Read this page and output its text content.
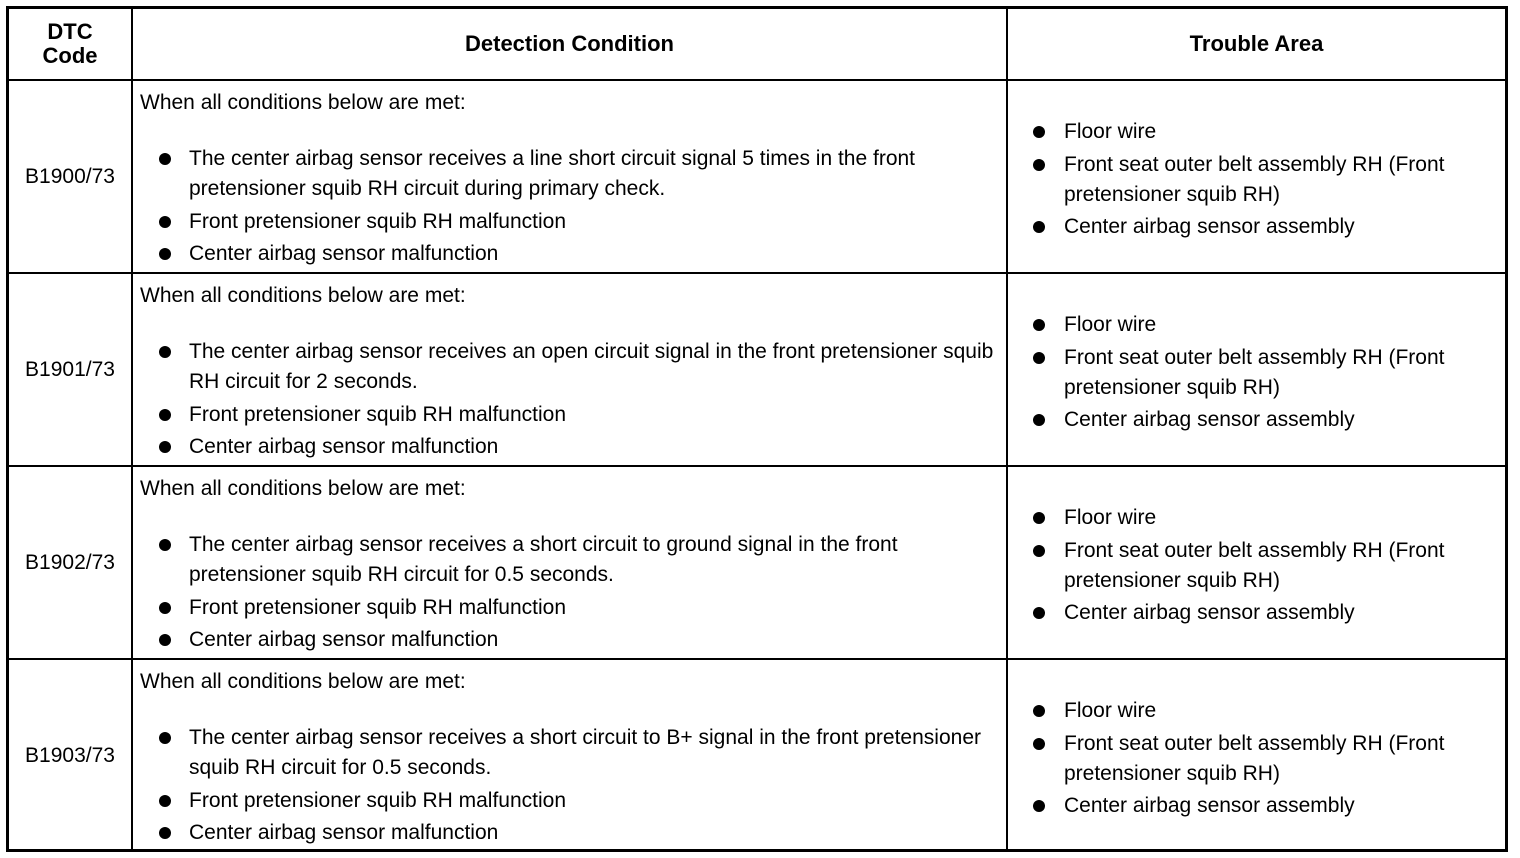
DTC
Code	Detection Condition	Trouble Area
B1900/73
When all conditions below are met:
The center airbag sensor receives a line short circuit signal 5 times in the front pretensioner squib RH circuit during primary check.
Front pretensioner squib RH malfunction
Center airbag sensor malfunction
Floor wire
Front seat outer belt assembly RH (Front pretensioner squib RH)
Center airbag sensor assembly
B1901/73
When all conditions below are met:
The center airbag sensor receives an open circuit signal in the front pretensioner squib RH circuit for 2 seconds.
Front pretensioner squib RH malfunction
Center airbag sensor malfunction
Floor wire
Front seat outer belt assembly RH (Front pretensioner squib RH)
Center airbag sensor assembly
B1902/73
When all conditions below are met:
The center airbag sensor receives a short circuit to ground signal in the front pretensioner squib RH circuit for 0.5 seconds.
Front pretensioner squib RH malfunction
Center airbag sensor malfunction
Floor wire
Front seat outer belt assembly RH (Front pretensioner squib RH)
Center airbag sensor assembly
B1903/73
When all conditions below are met:
The center airbag sensor receives a short circuit to B+ signal in the front pretensioner squib RH circuit for 0.5 seconds.
Front pretensioner squib RH malfunction
Center airbag sensor malfunction
Floor wire
Front seat outer belt assembly RH (Front pretensioner squib RH)
Center airbag sensor assembly
